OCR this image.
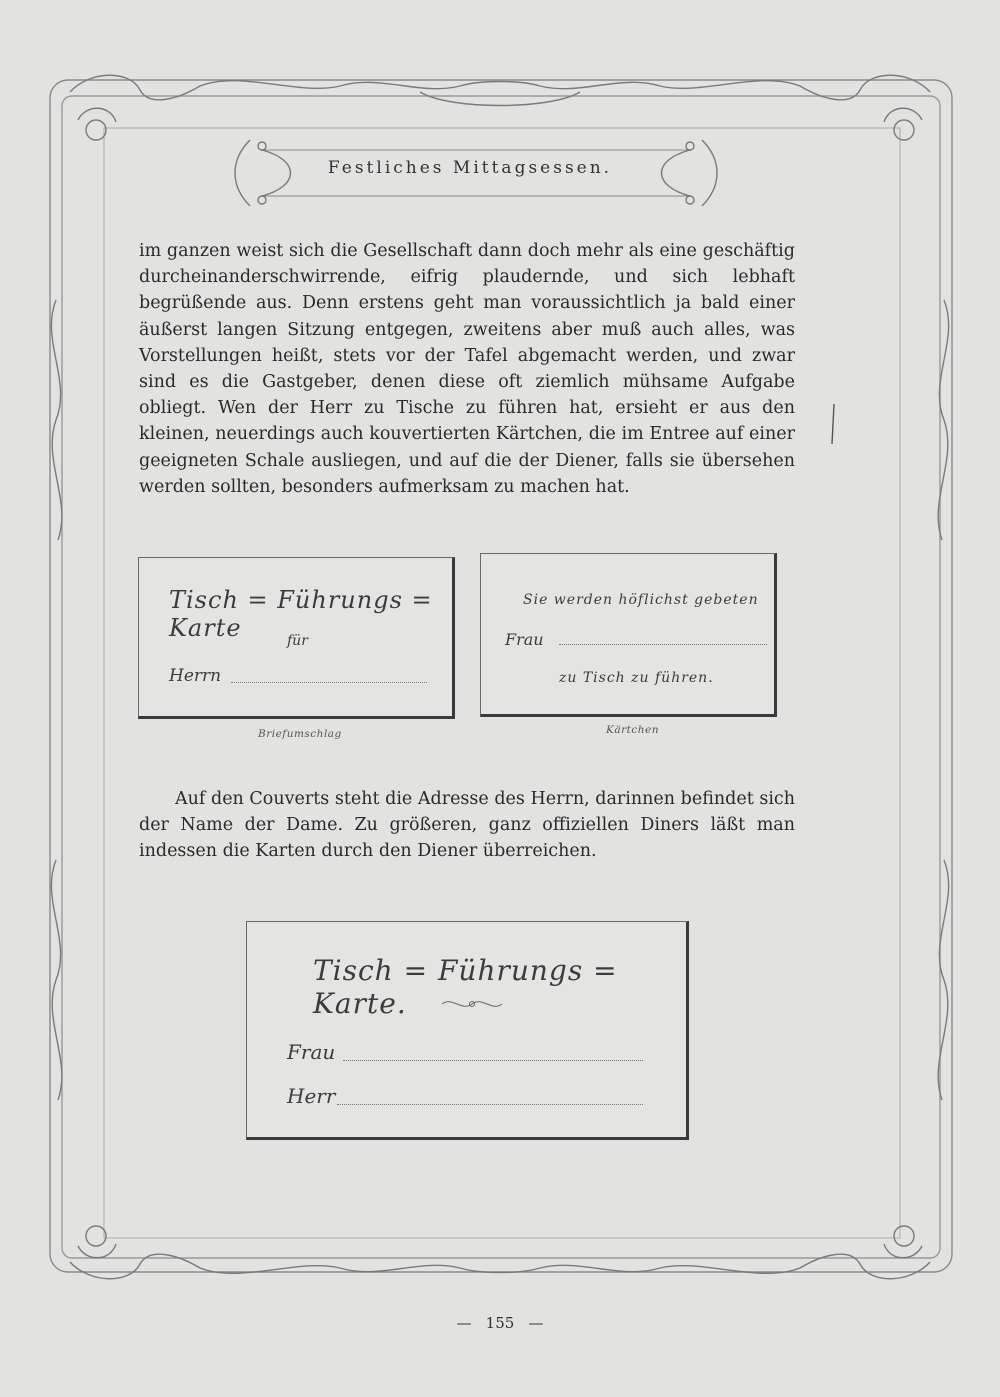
Festliches Mittagsessen.

im ganzen weist sich die Gesellschaft dann doch mehr als eine geschäftig durcheinanderschwirrende, eifrig plaudernde, und sich lebhaft begrüßende aus. Denn erstens geht man voraussichtlich ja bald einer äußerst langen Sitzung entgegen, zweitens aber muß auch alles, was Vorstellungen heißt, stets vor der Tafel abgemacht werden, und zwar sind es die Gastgeber, denen diese oft ziemlich mühsame Aufgabe obliegt. Wen der Herr zu Tische zu führen hat, ersieht er aus den kleinen, neuerdings auch kouvertierten Kärtchen, die im Entree auf einer geeigneten Schale ausliegen, und auf die der Diener, falls sie übersehen werden sollten, besonders aufmerksam zu machen hat.

Tisch = Führungs = Karte	für
Herrn
Briefumschlag
Sie werden höflichst gebeten
Frau
zu Tisch zu führen.
Kärtchen

Auf den Couverts steht die Adresse des Herrn, darinnen befindet sich der Name der Dame. Zu größeren, ganz offiziellen Diners läßt man indessen die Karten durch den Diener überreichen.

Tisch = Führungs = Karte.
Frau
Herr
— 155 —
